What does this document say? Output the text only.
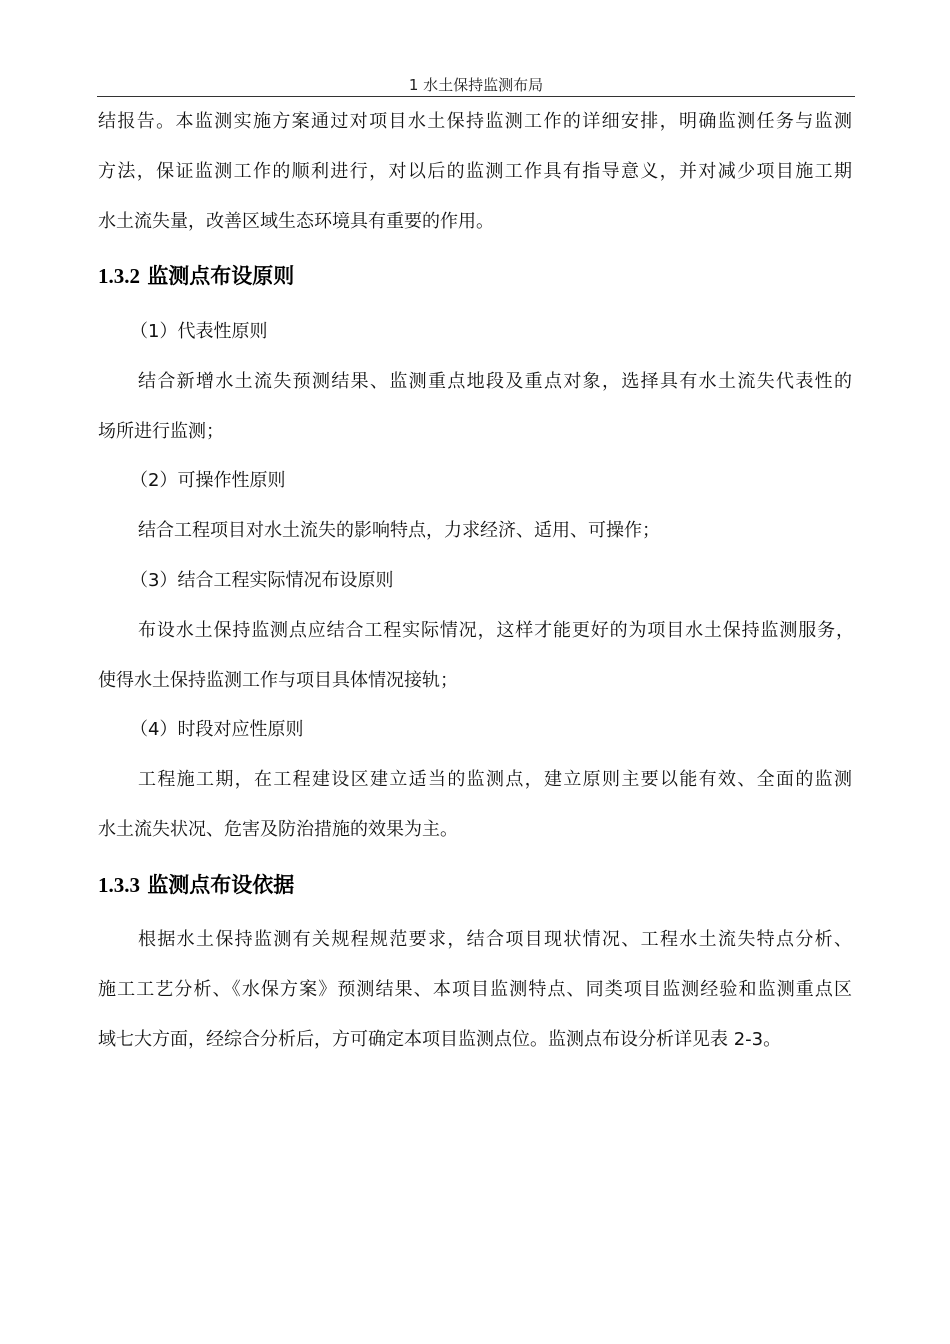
1 水土保持监测布局
结报告。本监测实施方案通过对项目水土保持监测工作的详细安排，明确监测任务与监测
方法，保证监测工作的顺利进行，对以后的监测工作具有指导意义，并对减少项目施工期
水土流失量，改善区域生态环境具有重要的作用。
1.3.2 监测点布设原则
（1）代表性原则
结合新增水土流失预测结果、监测重点地段及重点对象，选择具有水土流失代表性的
场所进行监测；
（2）可操作性原则
结合工程项目对水土流失的影响特点，力求经济、适用、可操作；
（3）结合工程实际情况布设原则
布设水土保持监测点应结合工程实际情况，这样才能更好的为项目水土保持监测服务，
使得水土保持监测工作与项目具体情况接轨；
（4）时段对应性原则
工程施工期，在工程建设区建立适当的监测点，建立原则主要以能有效、全面的监测
水土流失状况、危害及防治措施的效果为主。
1.3.3 监测点布设依据
根据水土保持监测有关规程规范要求，结合项目现状情况、工程水土流失特点分析、
施工工艺分析、《水保方案》预测结果、本项目监测特点、同类项目监测经验和监测重点区
域七大方面，经综合分析后，方可确定本项目监测点位。监测点布设分析详见表 2-3。
